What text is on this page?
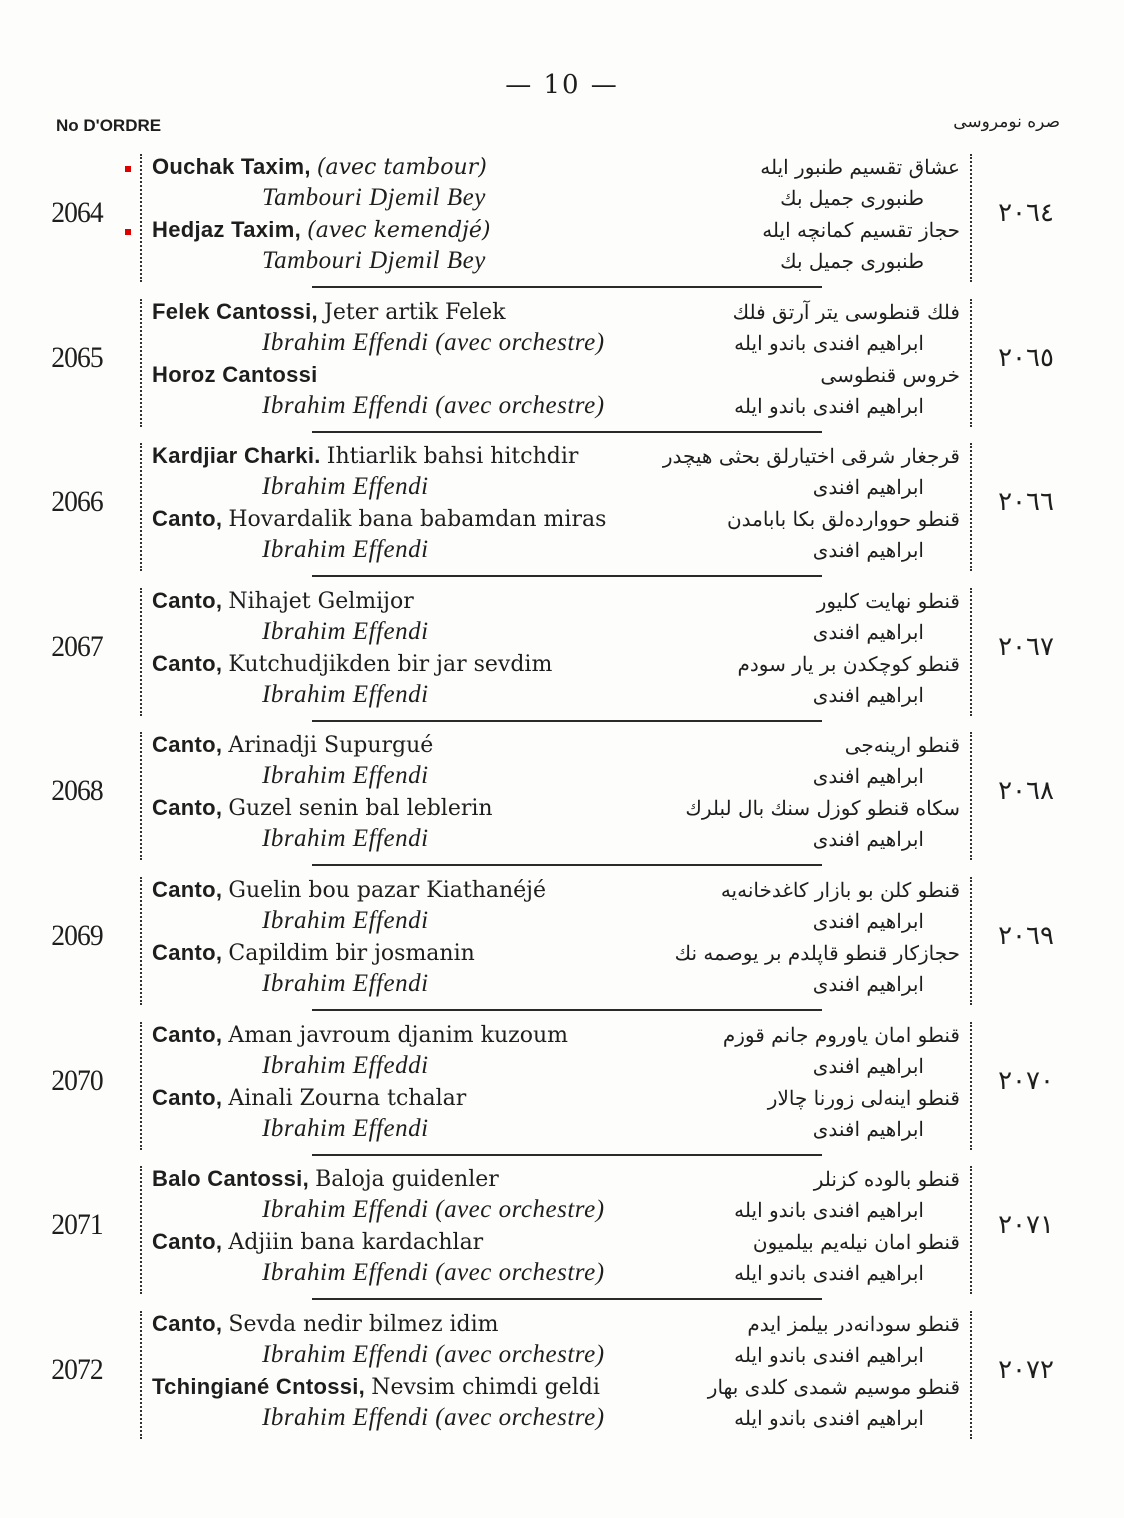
— 10 —
No D'ORDRE	صره نومروسی
2064
Ouchak Taxim, (avec tambour)
Tambouri Djemil Bey
Hedjaz Taxim, (avec kemendjé)
Tambouri Djemil Bey
عشاق تقسيم طنبور ايله
طنبوری جميل بك
حجاز تقسيم كمانچه ايله
طنبوری جميل بك
٢٠٦٤
2065
Felek Cantossi, Jeter artik Felek
Ibrahim Effendi (avec orchestre)
Horoz Cantossi
Ibrahim Effendi (avec orchestre)
فلك قنطوسی يتر آرتق فلك
ابراهيم افندی باندو ايله
خروس قنطوسی
ابراهيم افندی باندو ايله
٢٠٦٥
2066
Kardjiar Charki. Ihtiarlik bahsi hitchdir
Ibrahim Effendi
Canto, Hovardalik bana babamdan miras
Ibrahim Effendi
قرجغار شرقی اختيارلق بحثی هيچدر
ابراهيم افندی
قنطو حوواردەلق بكا بابامدن
ابراهيم افندی
٢٠٦٦
2067
Canto, Nihajet Gelmijor
Ibrahim Effendi
Canto, Kutchudjikden bir jar sevdim
Ibrahim Effendi
قنطو نهايت كليور
ابراهيم افندی
قنطو كوچكدن بر يار سودم
ابراهيم افندی
٢٠٦٧
2068
Canto, Arinadji Supurgué
Ibrahim Effendi
Canto, Guzel senin bal leblerin
Ibrahim Effendi
قنطو ارينەجی
ابراهيم افندی
سكاه قنطو كوزل سنك بال لبلرك
ابراهيم افندی
٢٠٦٨
2069
Canto, Guelin bou pazar Kiathanéjé
Ibrahim Effendi
Canto, Capildim bir josmanin
Ibrahim Effendi
قنطو كلن بو بازار كاغدخانەيه
ابراهيم افندی
حجازكار قنطو قاپلدم بر يوصمه نك
ابراهيم افندی
٢٠٦٩
2070
Canto, Aman javroum djanim kuzoum
Ibrahim Effeddi
Canto, Ainali Zourna tchalar
Ibrahim Effendi
قنطو امان ياوروم جانم قوزم
ابراهيم افندی
قنطو اينەلی زورنا چالار
ابراهيم افندی
٢٠٧٠
2071
Balo Cantossi, Baloja guidenler
Ibrahim Effendi (avec orchestre)
Canto, Adjiin bana kardachlar
Ibrahim Effendi (avec orchestre)
قنطو بالوده كزنلر
ابراهيم افندی باندو ايله
قنطو امان نيلەيم بيلميون
ابراهيم افندی باندو ايله
٢٠٧١
2072
Canto, Sevda nedir bilmez idim
Ibrahim Effendi (avec orchestre)
Tchingiané Cntossi, Nevsim chimdi geldi
Ibrahim Effendi (avec orchestre)
قنطو سودانەدر بيلمز ايدم
ابراهيم افندی باندو ايله
قنطو موسيم شمدی كلدی بهار
ابراهيم افندی باندو ايله
٢٠٧٢
